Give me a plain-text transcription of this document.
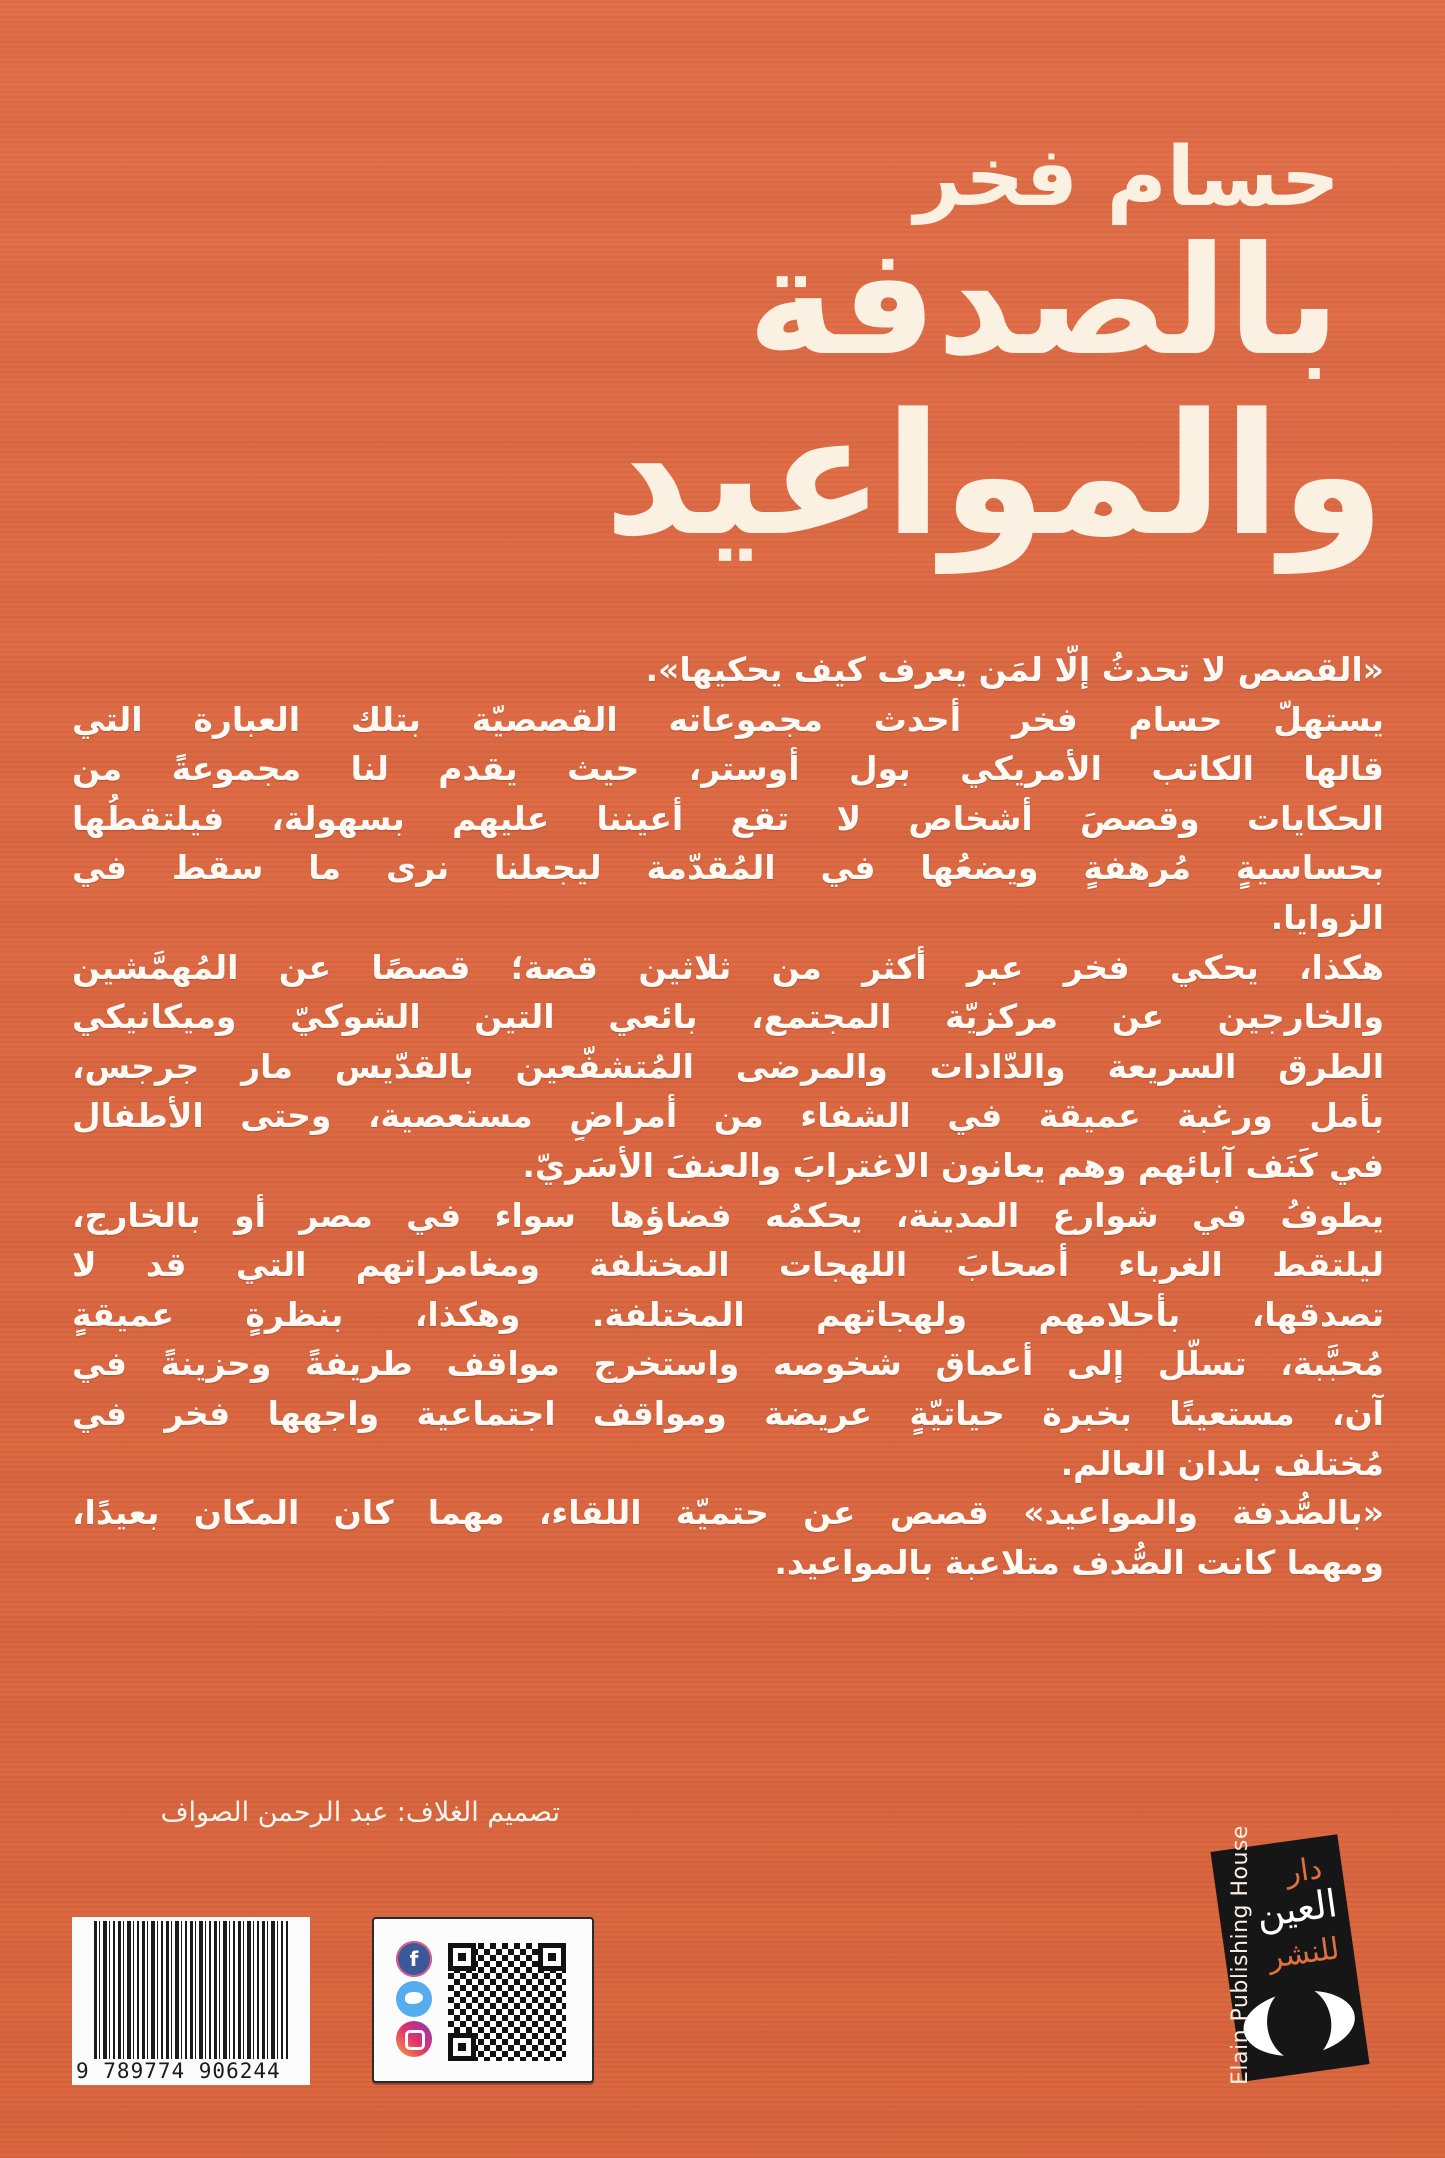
حسام فخر
بالصدفة
والمواعيد
«القصص لا تحدثُ إلّا لمَن يعرف كيف يحكيها».
يستهلّ حسام فخر أحدث مجموعاته القصصيّة بتلك العبارة التي
قالها الكاتب الأمريكي بول أوستر، حيث يقدم لنا مجموعةً من
الحكايات وقصصَ أشخاص لا تقع أعيننا عليهم بسهولة، فيلتقطُها
بحساسيةٍ مُرهفةٍ ويضعُها في المُقدّمة ليجعلنا نرى ما سقط في
الزوايا.
هكذا، يحكي فخر عبر أكثر من ثلاثين قصة؛ قصصًا عن المُهمَّشين
والخارجين عن مركزيّة المجتمع، بائعي التين الشوكيّ وميكانيكي
الطرق السريعة والدّادات والمرضى المُتشفّعين بالقدّيس مار جرجس،
بأمل ورغبة عميقة في الشفاء من أمراضٍ مستعصية، وحتى الأطفال
في كَنَف آبائهم وهم يعانون الاغترابَ والعنفَ الأسَريّ.
يطوفُ في شوارع المدينة، يحكمُه فضاؤها سواء في مصر أو بالخارج،
ليلتقط الغرباء أصحابَ اللهجات المختلفة ومغامراتهم التي قد لا
تصدقها، بأحلامهم ولهجاتهم المختلفة. وهكذا، بنظرةٍ عميقةٍ
مُحبَّبة، تسلّل إلى أعماق شخوصه واستخرج مواقف طريفةً وحزينةً في
آن، مستعينًا بخبرة حياتيّةٍ عريضة ومواقف اجتماعية واجهها فخر في
مُختلف بلدان العالم.
«بالصُّدفة والمواعيد» قصص عن حتميّة اللقاء، مهما كان المكان بعيدًا،
ومهما كانت الصُّدف متلاعبة بالمواعيد.
تصميم الغلاف: عبد الرحمن الصواف
9 789774 906244
f
دار
العين
للنشر
Elain Publishing House
